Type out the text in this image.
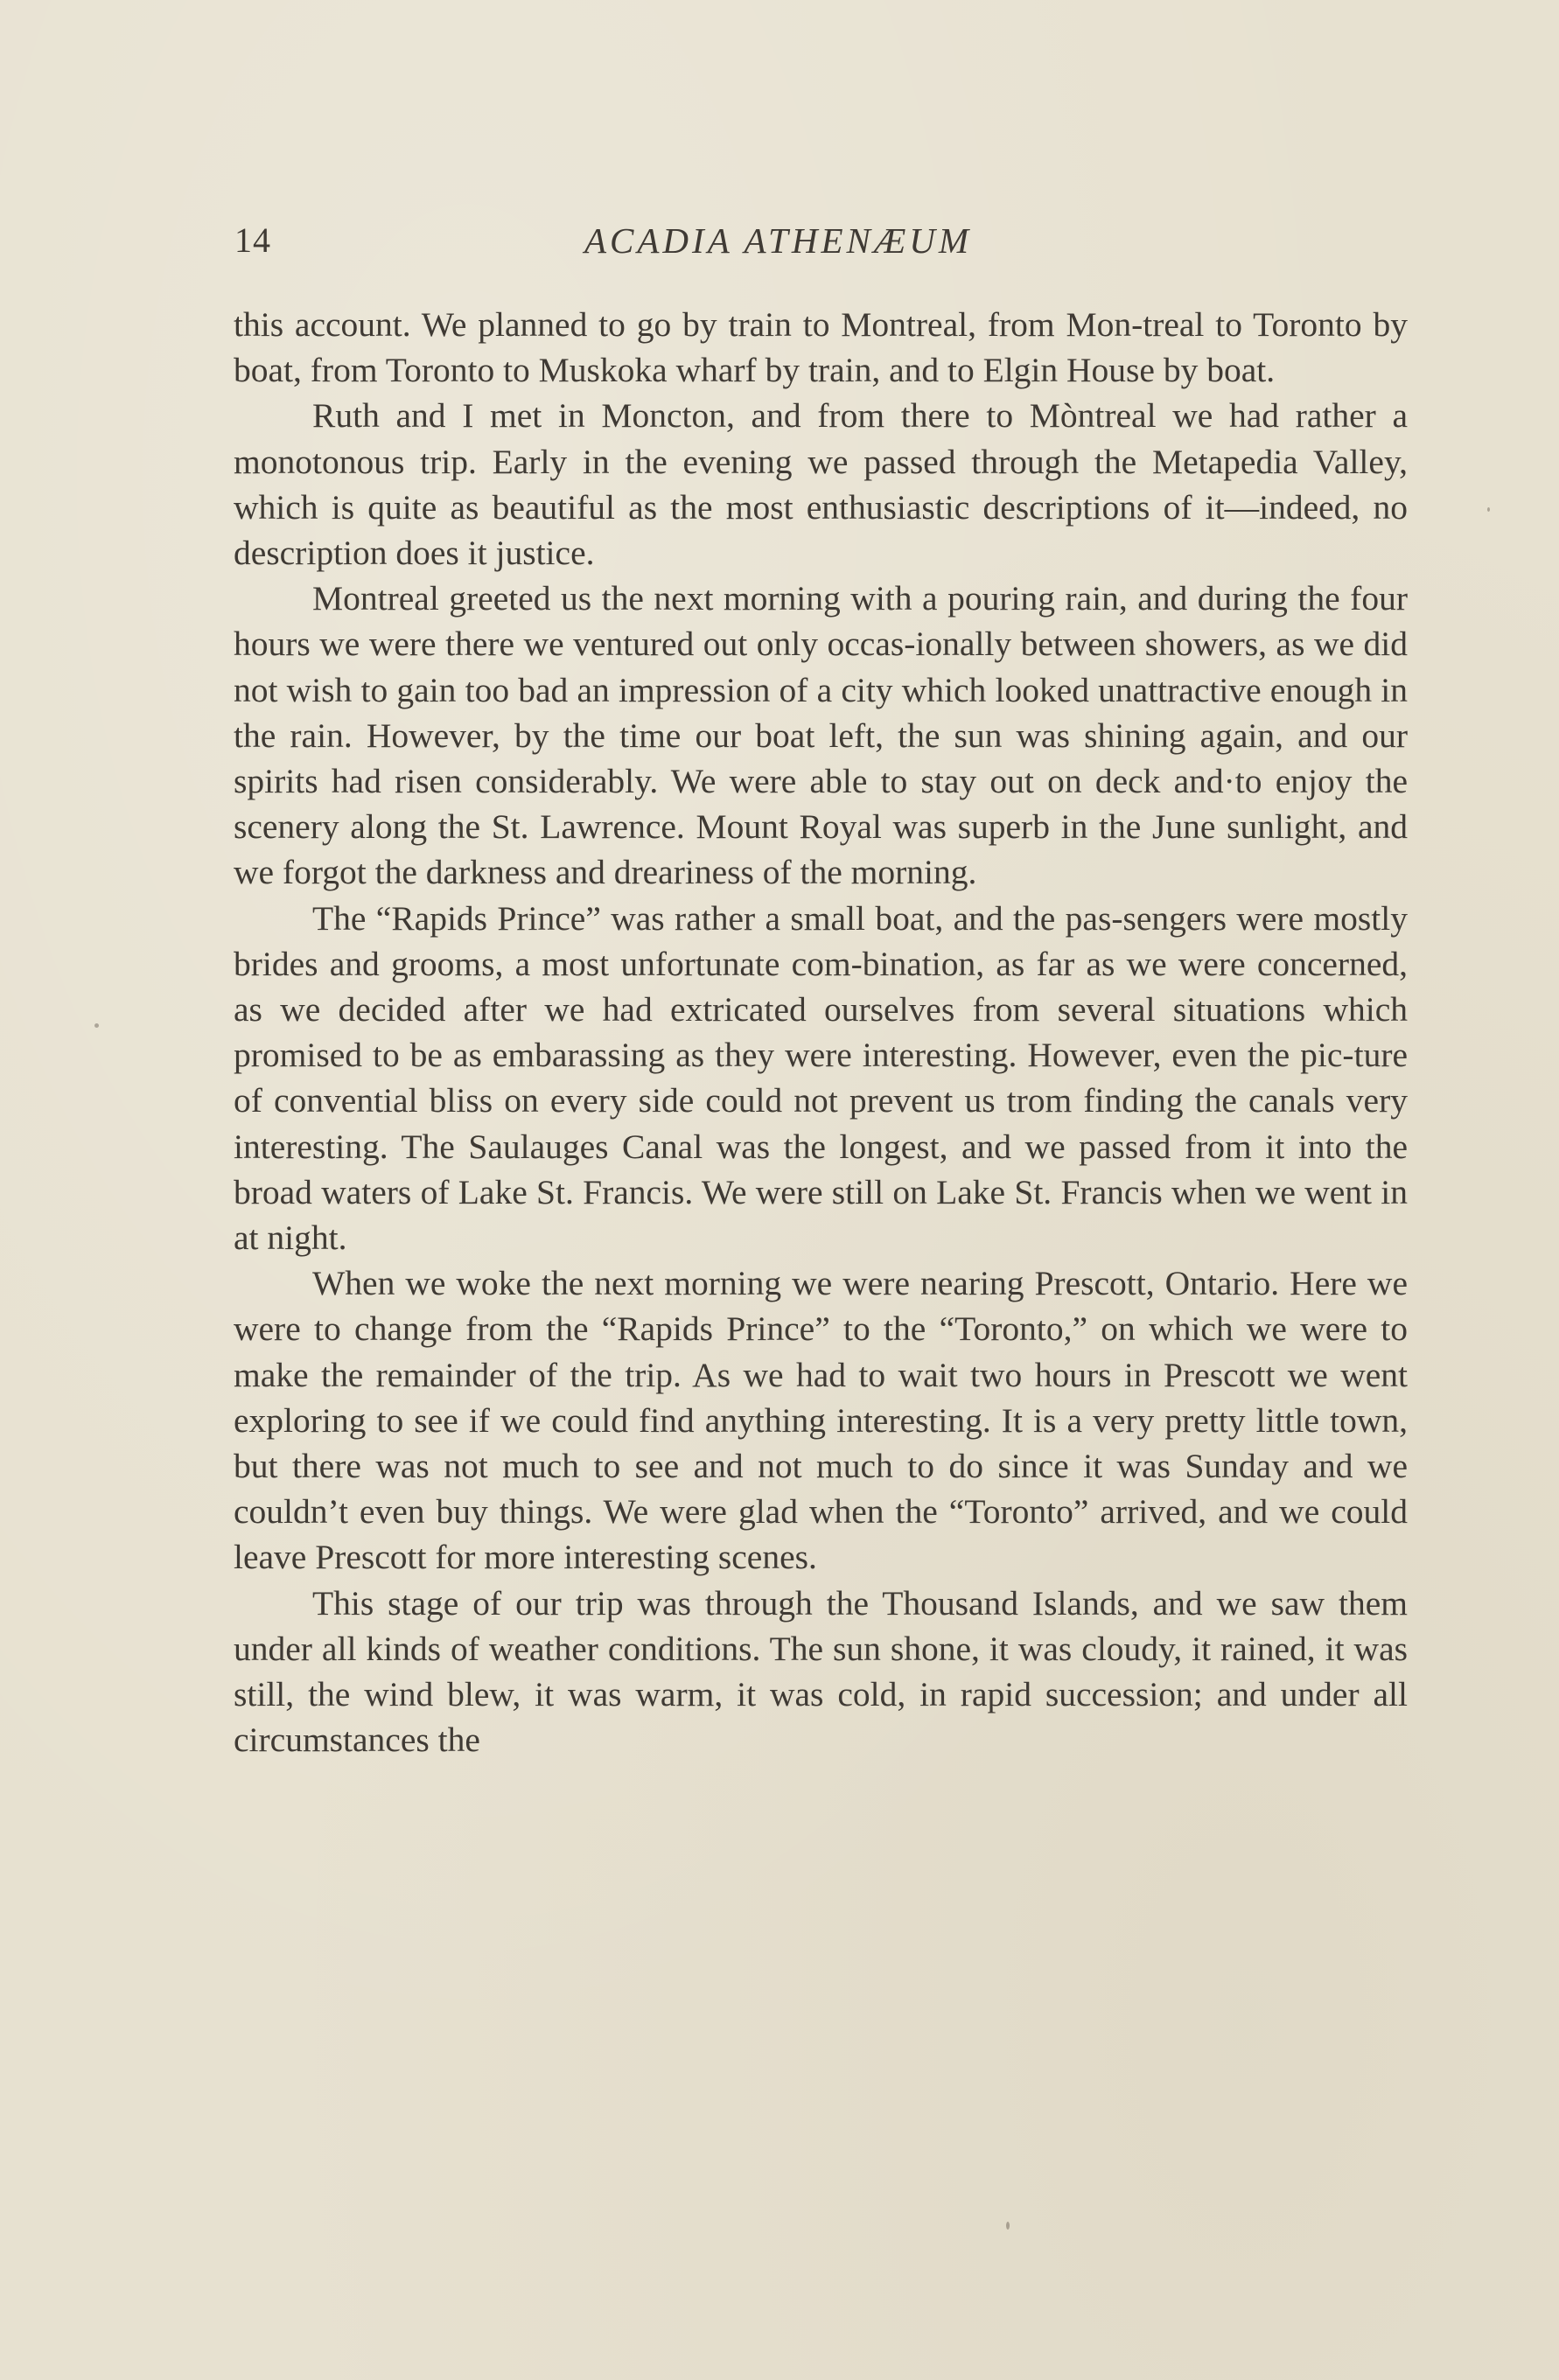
14	ACADIA ATHENÆUM

this account. We planned to go by train to Montreal, from Mon-treal to Toronto by boat, from Toronto to Muskoka wharf by train, and to Elgin House by boat.

Ruth and I met in Moncton, and from there to Mòntreal we had rather a monotonous trip. Early in the evening we passed through the Metapedia Valley, which is quite as beautiful as the most enthusiastic descriptions of it—indeed, no description does it justice.

Montreal greeted us the next morning with a pouring rain, and during the four hours we were there we ventured out only occas-ionally between showers, as we did not wish to gain too bad an impression of a city which looked unattractive enough in the rain. However, by the time our boat left, the sun was shining again, and our spirits had risen considerably. We were able to stay out on deck and·to enjoy the scenery along the St. Lawrence. Mount Royal was superb in the June sunlight, and we forgot the darkness and dreariness of the morning.

The “Rapids Prince” was rather a small boat, and the pas-sengers were mostly brides and grooms, a most unfortunate com-bination, as far as we were concerned, as we decided after we had extricated ourselves from several situations which promised to be as embarassing as they were interesting. However, even the pic-ture of convential bliss on every side could not prevent us trom finding the canals very interesting. The Saulauges Canal was the longest, and we passed from it into the broad waters of Lake St. Francis. We were still on Lake St. Francis when we went in at night.

When we woke the next morning we were nearing Prescott, Ontario. Here we were to change from the “Rapids Prince” to the “Toronto,” on which we were to make the remainder of the trip. As we had to wait two hours in Prescott we went exploring to see if we could find anything interesting. It is a very pretty little town, but there was not much to see and not much to do since it was Sunday and we couldn’t even buy things. We were glad when the “Toronto” arrived, and we could leave Prescott for more interesting scenes.

This stage of our trip was through the Thousand Islands, and we saw them under all kinds of weather conditions. The sun shone, it was cloudy, it rained, it was still, the wind blew, it was warm, it was cold, in rapid succession; and under all circumstances the
